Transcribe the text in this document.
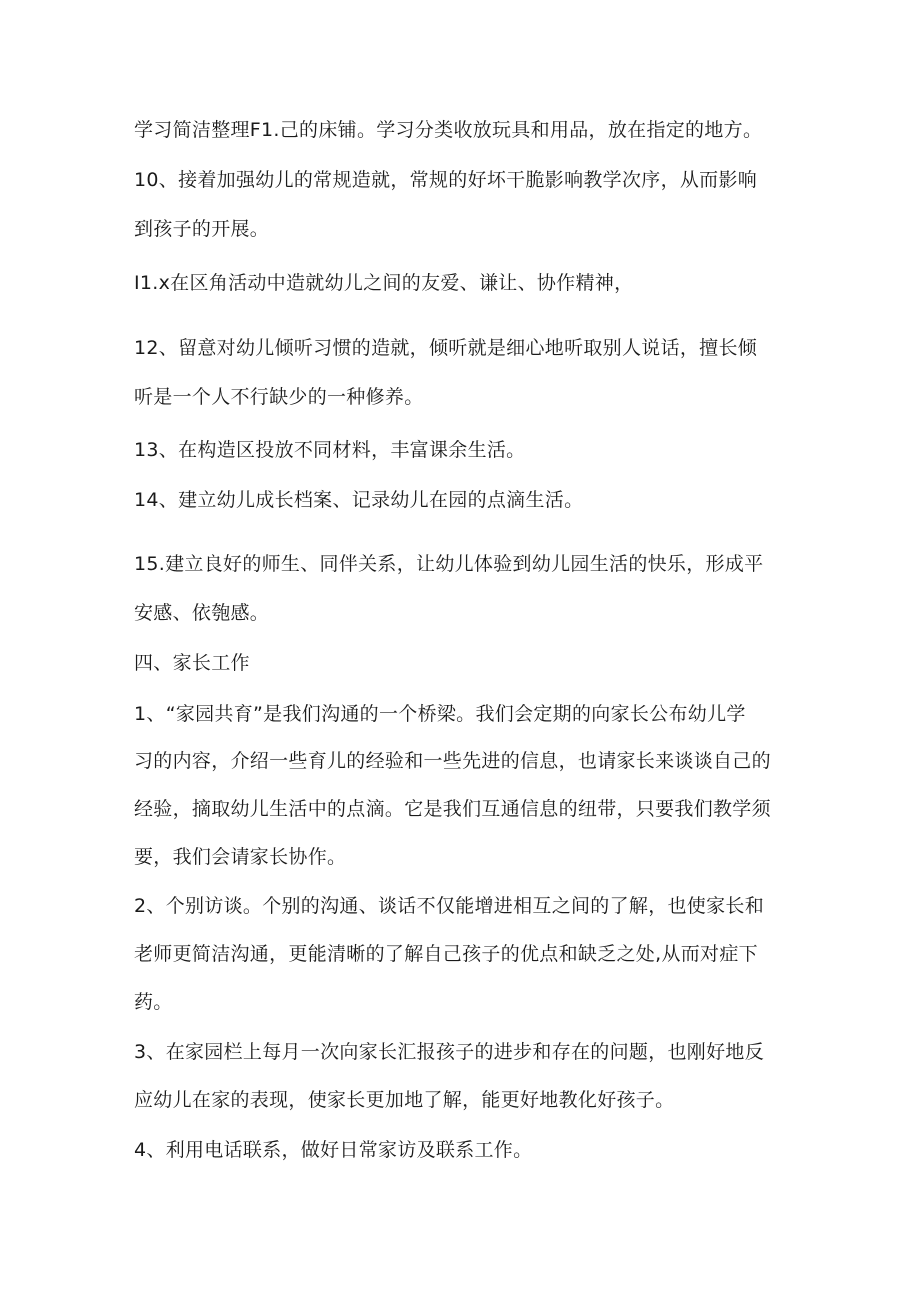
学习简洁整理F1.己的床铺。学习分类收放玩具和用品，放在指定的地方。
10、接着加强幼儿的常规造就，常规的好坏干脆影响教学次序，从而影响
到孩子的开展。
I1.x在区角活动中造就幼儿之间的友爱、谦让、协作精神，
12、留意对幼儿倾听习惯的造就，倾听就是细心地听取别人说话，擅长倾
听是一个人不行缺少的一种修养。
13、在构造区投放不同材料，丰富课余生活。
14、建立幼儿成长档案、记录幼儿在园的点滴生活。
15.建立良好的师生、同伴关系，让幼儿体验到幼儿园生活的快乐，形成平
安感、依匏感。
四、家长工作
1、“家园共育”是我们沟通的一个桥梁。我们会定期的向家长公布幼儿学
习的内容，介绍一些育儿的经验和一些先进的信息，也请家长来谈谈自己的
经验，摘取幼儿生活中的点滴。它是我们互通信息的纽带，只要我们教学须
要，我们会请家长协作。
2、个别访谈。个别的沟通、谈话不仅能增进相互之间的了解，也使家长和
老师更简洁沟通，更能清晰的了解自己孩子的优点和缺乏之处,从而对症下
药。
3、在家园栏上每月一次向家长汇报孩子的进步和存在的问题，也刚好地反
应幼儿在家的表现，使家长更加地了解，能更好地教化好孩子。
4、利用电话联系，做好日常家访及联系工作。
